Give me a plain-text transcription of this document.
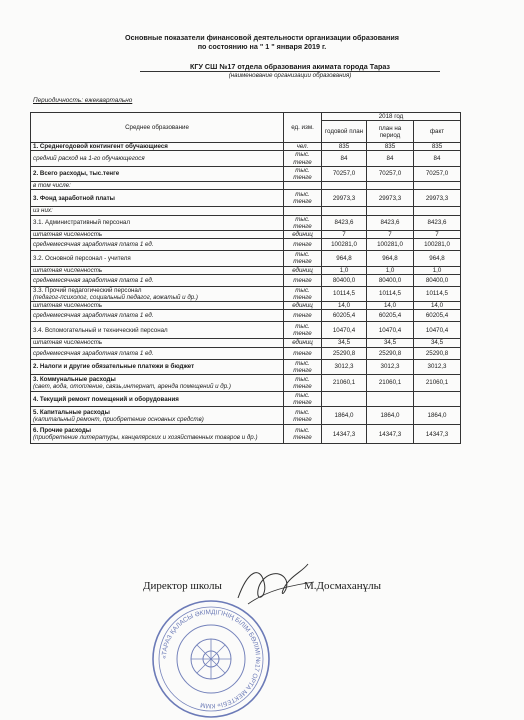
Основные показатели финансовой деятельности организации образования
по состоянию на " 1 " января 2019 г.
КГУ СШ №17 отдела образования акимата города Тараз
(наименование организации образования)
Периодичность: ежеквартально
Среднее образование	ед. изм.	2018 год		
		годовой план	план на период	факт

1. Среднегодовой контингент обучающиеся	чел.	835	835	835

средний расход на 1-го обучающегося	тыс. тенге	84	84	84

2. Всего расходы, тыс.тенге	тыс. тенге	70257,0	70257,0	70257,0

в том числе:				

3. Фонд заработной платы	тыс. тенге	29973,3	29973,3	29973,3

из них:				

3.1. Административный персонал	тыс. тенге	8423,6	8423,6	8423,6

штатная численность	единиц	7	7	7

среднемесячная заработная плата 1 ед.	тенге	100281,0	100281,0	100281,0

3.2. Основной персонал - учителя	тыс. тенге	964,8	964,8	964,8

штатная численность	единиц	1,0	1,0	1,0

среднемесячная заработная плата 1 ед.	тенге	80400,0	80400,0	80400,0

3.3. Прочий педагогический персонал
(педагог-психолог, социальный педагог, вожатый и др.)	тыс. тенге	10114,5	10114,5	10114,5

штатная численность	единиц	14,0	14,0	14,0

среднемесячная заработная плата 1 ед.	тенге	60205,4	60205,4	60205,4

3.4. Вспомогательный и технический персонал	тыс. тенге	10470,4	10470,4	10470,4

штатная численность	единиц	34,5	34,5	34,5

среднемесячная заработная плата 1 ед.	тенге	25290,8	25290,8	25290,8

2. Налоги и другие обязательные платежи в бюджет	тыс. тенге	3012,3	3012,3	3012,3

3. Коммунальные расходы
(свет, вода, отопление, связь,интернат, аренда помещений и др.)	тыс. тенге	21060,1	21060,1	21060,1

4. Текущий ремонт помещений и оборудования	тыс. тенге			

5. Капитальные расходы
(капитальный ремонт, приобретение основных средств)	тыс. тенге	1864,0	1864,0	1864,0

6. Прочие расходы
(приобретение литературы, канцелярских и хозяйственных товаров и др.)	тыс. тенге	14347,3	14347,3	14347,3
Директор школы	М.Досмаханұлы
«ТАРАЗ ҚАЛАСЫ ӘКІМДІГІНІҢ БІЛІМ БӨЛІМІ №17 ОРТА МЕКТЕБІ» КММ
